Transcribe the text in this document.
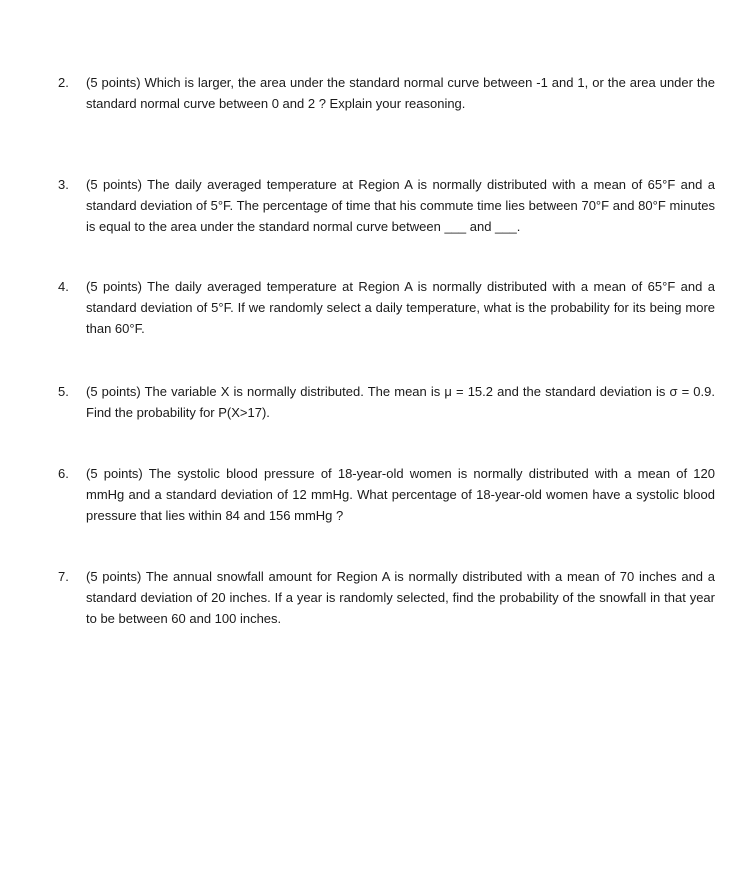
2.	(5 points) Which is larger, the area under the standard normal curve between -1 and 1, or the area under the standard normal curve between 0 and 2 ? Explain your reasoning.
3.	(5 points) The daily averaged temperature at Region A is normally distributed with a mean of 65°F and a standard deviation of 5°F. The percentage of time that his commute time lies between 70°F and 80°F minutes is equal to the area under the standard normal curve between ___ and ___.
4.	(5 points) The daily averaged temperature at Region A is normally distributed with a mean of 65°F and a standard deviation of 5°F. If we randomly select a daily temperature, what is the probability for its being more than 60°F.
5.	(5 points) The variable X is normally distributed. The mean is μ = 15.2 and the standard deviation is σ = 0.9. Find the probability for P(X>17).
6.	(5 points) The systolic blood pressure of 18-year-old women is normally distributed with a mean of 120 mmHg and a standard deviation of 12 mmHg. What percentage of 18-year-old women have a systolic blood pressure that lies within 84 and 156 mmHg ?
7.	(5 points) The annual snowfall amount for Region A is normally distributed with a mean of 70 inches and a standard deviation of 20 inches. If a year is randomly selected, find the probability of the snowfall in that year to be between 60 and 100 inches.
